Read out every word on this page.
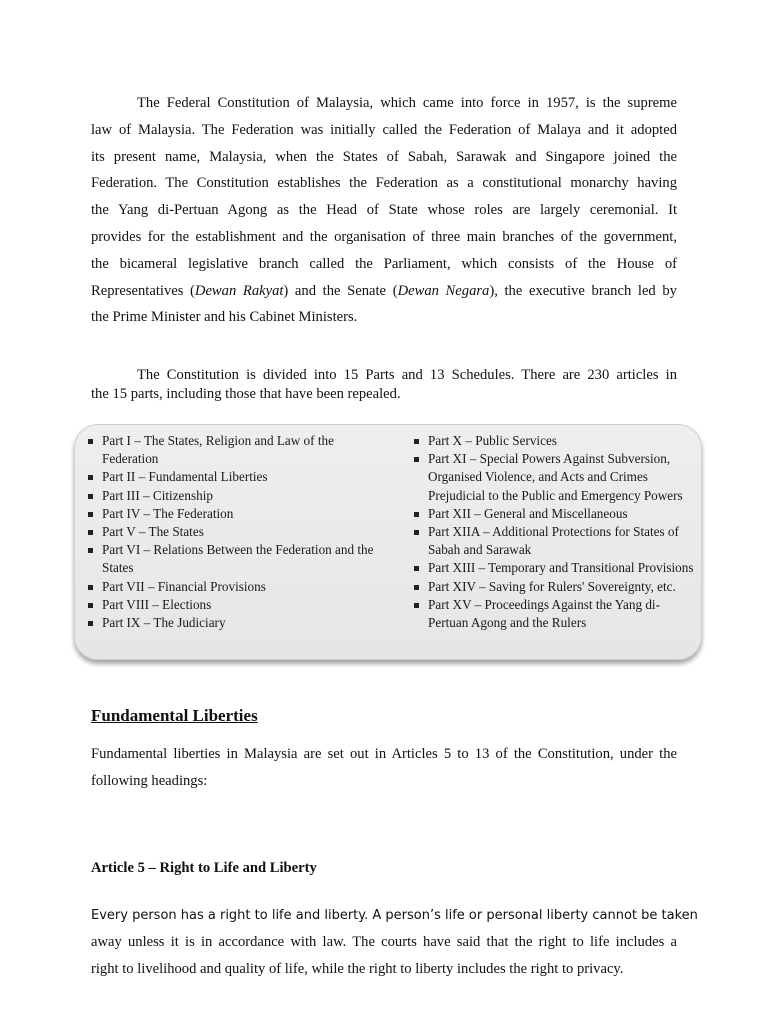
The Federal Constitution of Malaysia, which came into force in 1957, is the supreme
law of Malaysia. The Federation was initially called the Federation of Malaya and it adopted
its present name, Malaysia, when the States of Sabah, Sarawak and Singapore joined the
Federation. The Constitution establishes the Federation as a constitutional monarchy having
the Yang di-Pertuan Agong as the Head of State whose roles are largely ceremonial. It
provides for the establishment and the organisation of three main branches of the government,
the bicameral legislative branch called the Parliament, which consists of the House of
Representatives (Dewan Rakyat) and the Senate (Dewan Negara), the executive branch led by
the Prime Minister and his Cabinet Ministers.
The Constitution is divided into 15 Parts and 13 Schedules. There are 230 articles in
the 15 parts, including those that have been repealed.
Part I – The States, Religion and Law of the Federation
Part II – Fundamental Liberties
Part III – Citizenship
Part IV – The Federation
Part V – The States
Part VI – Relations Between the Federation and the States
Part VII – Financial Provisions
Part VIII – Elections
Part IX – The Judiciary
Part X – Public Services
Part XI – Special Powers Against Subversion, Organised Violence, and Acts and Crimes Prejudicial to the Public and Emergency Powers
Part XII – General and Miscellaneous
Part XIIA – Additional Protections for States of Sabah and Sarawak
Part XIII – Temporary and Transitional Provisions
Part XIV – Saving for Rulers' Sovereignty, etc.
Part XV – Proceedings Against the Yang di-Pertuan Agong and the Rulers
Fundamental Liberties
Fundamental liberties in Malaysia are set out in Articles 5 to 13 of the Constitution, under the
following headings:
Article 5 – Right to Life and Liberty
Every person has a right to life and liberty. A person’s life or personal liberty cannot be taken
away unless it is in accordance with law. The courts have said that the right to life includes a
right to livelihood and quality of life, while the right to liberty includes the right to privacy.
